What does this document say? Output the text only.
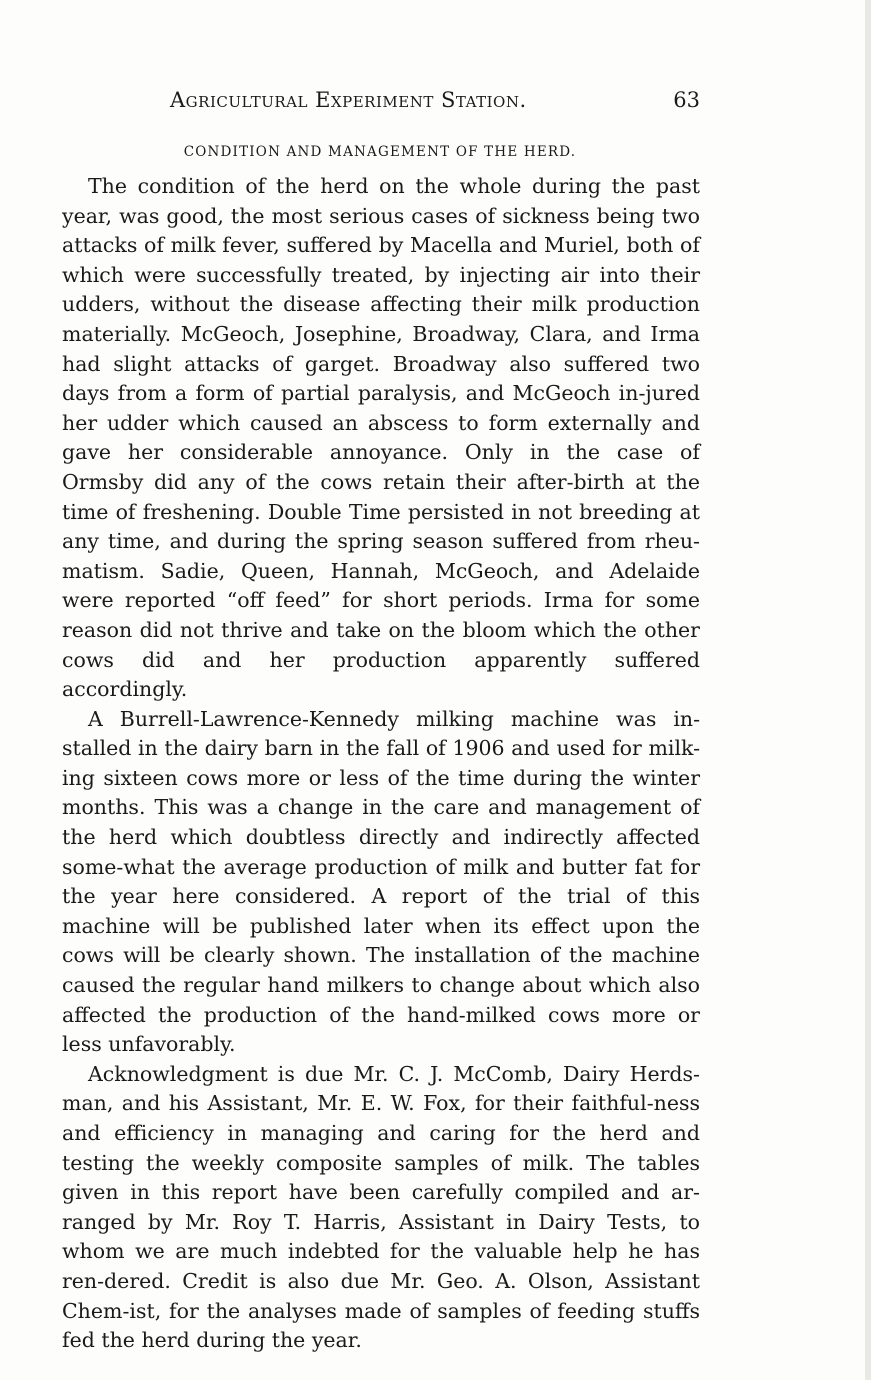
Agricultural Experiment Station.	63
CONDITION AND MANAGEMENT OF THE HERD.

The condition of the herd on the whole during the past year, was good, the most serious cases of sickness being two attacks of milk fever, suffered by Macella and Muriel, both of which were successfully treated, by injecting air into their udders, without the disease affecting their milk production materially. McGeoch, Josephine, Broadway, Clara, and Irma had slight attacks of garget. Broadway also suffered two days from a form of partial paralysis, and McGeoch in-jured her udder which caused an abscess to form externally and gave her considerable annoyance. Only in the case of Ormsby did any of the cows retain their after-birth at the time of freshening. Double Time persisted in not breeding at any time, and during the spring season suffered from rheu-matism. Sadie, Queen, Hannah, McGeoch, and Adelaide were reported “off feed” for short periods. Irma for some reason did not thrive and take on the bloom which the other cows did and her production apparently suffered accordingly.

A Burrell-Lawrence-Kennedy milking machine was in-stalled in the dairy barn in the fall of 1906 and used for milk-ing sixteen cows more or less of the time during the winter months. This was a change in the care and management of the herd which doubtless directly and indirectly affected some-what the average production of milk and butter fat for the year here considered. A report of the trial of this machine will be published later when its effect upon the cows will be clearly shown. The installation of the machine caused the regular hand milkers to change about which also affected the production of the hand-milked cows more or less unfavorably.

Acknowledgment is due Mr. C. J. McComb, Dairy Herds-man, and his Assistant, Mr. E. W. Fox, for their faithful-ness and efficiency in managing and caring for the herd and testing the weekly composite samples of milk. The tables given in this report have been carefully compiled and ar-ranged by Mr. Roy T. Harris, Assistant in Dairy Tests, to whom we are much indebted for the valuable help he has ren-dered. Credit is also due Mr. Geo. A. Olson, Assistant Chem-ist, for the analyses made of samples of feeding stuffs fed the herd during the year.
